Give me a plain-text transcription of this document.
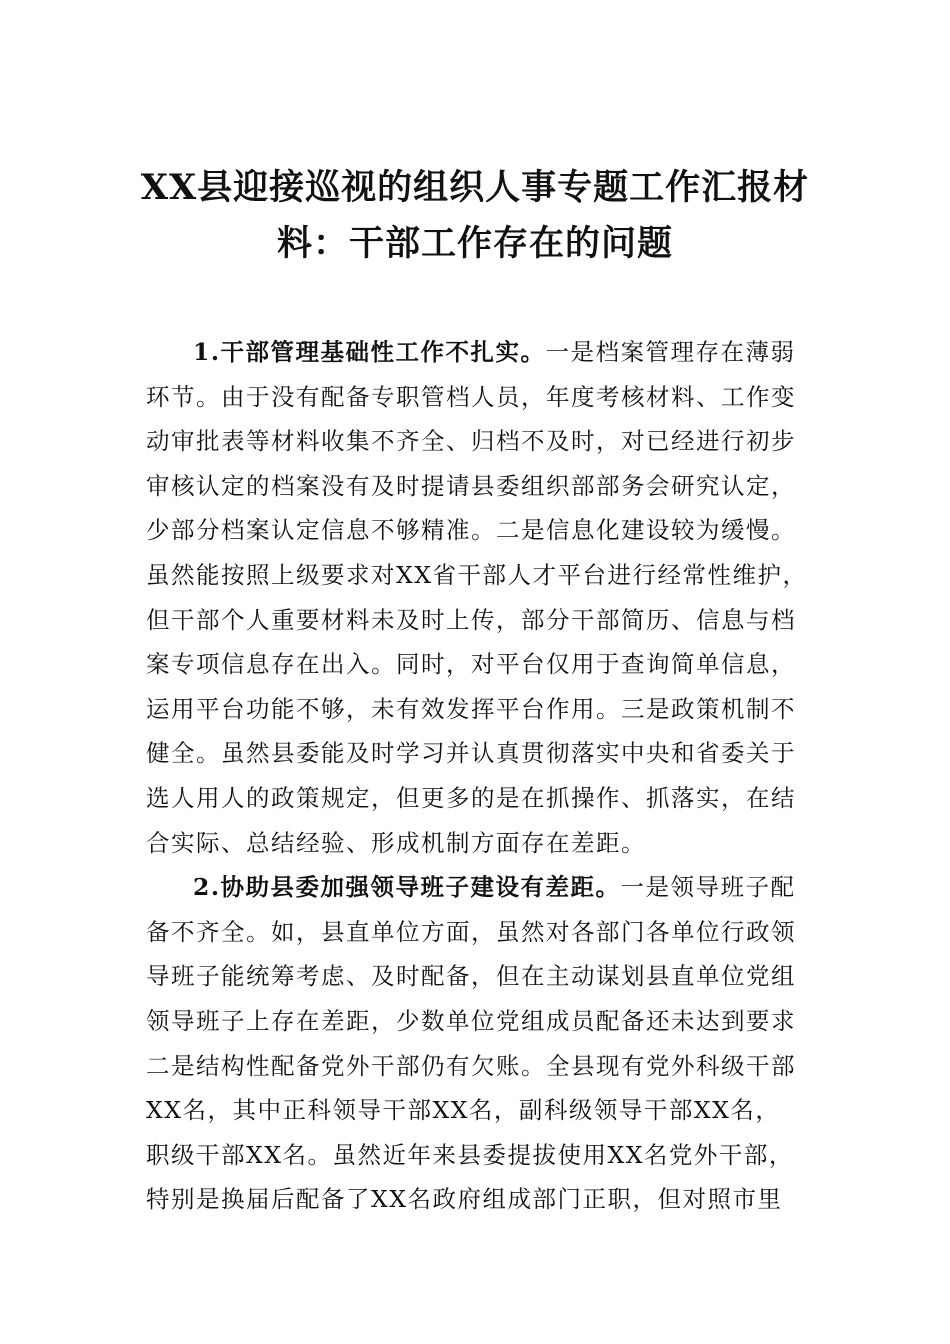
XX县迎接巡视的组织人事专题工作汇报材
料：干部工作存在的问题
1.干部管理基础性工作不扎实。一是档案管理存在薄弱
环节。由于没有配备专职管档人员，年度考核材料、工作变
动审批表等材料收集不齐全、归档不及时，对已经进行初步
审核认定的档案没有及时提请县委组织部部务会研究认定，
少部分档案认定信息不够精准。二是信息化建设较为缓慢。
虽然能按照上级要求对XX省干部人才平台进行经常性维护，
但干部个人重要材料未及时上传，部分干部简历、信息与档
案专项信息存在出入。同时，对平台仅用于查询简单信息，
运用平台功能不够，未有效发挥平台作用。三是政策机制不
健全。虽然县委能及时学习并认真贯彻落实中央和省委关于
选人用人的政策规定，但更多的是在抓操作、抓落实，在结
合实际、总结经验、形成机制方面存在差距。
2.协助县委加强领导班子建设有差距。一是领导班子配
备不齐全。如，县直单位方面，虽然对各部门各单位行政领
导班子能统筹考虑、及时配备，但在主动谋划县直单位党组
领导班子上存在差距，少数单位党组成员配备还未达到要求
二是结构性配备党外干部仍有欠账。全县现有党外科级干部
XX名，其中正科领导干部XX名，副科级领导干部XX名，
职级干部XX名。虽然近年来县委提拔使用XX名党外干部，
特别是换届后配备了XX名政府组成部门正职，但对照市里
